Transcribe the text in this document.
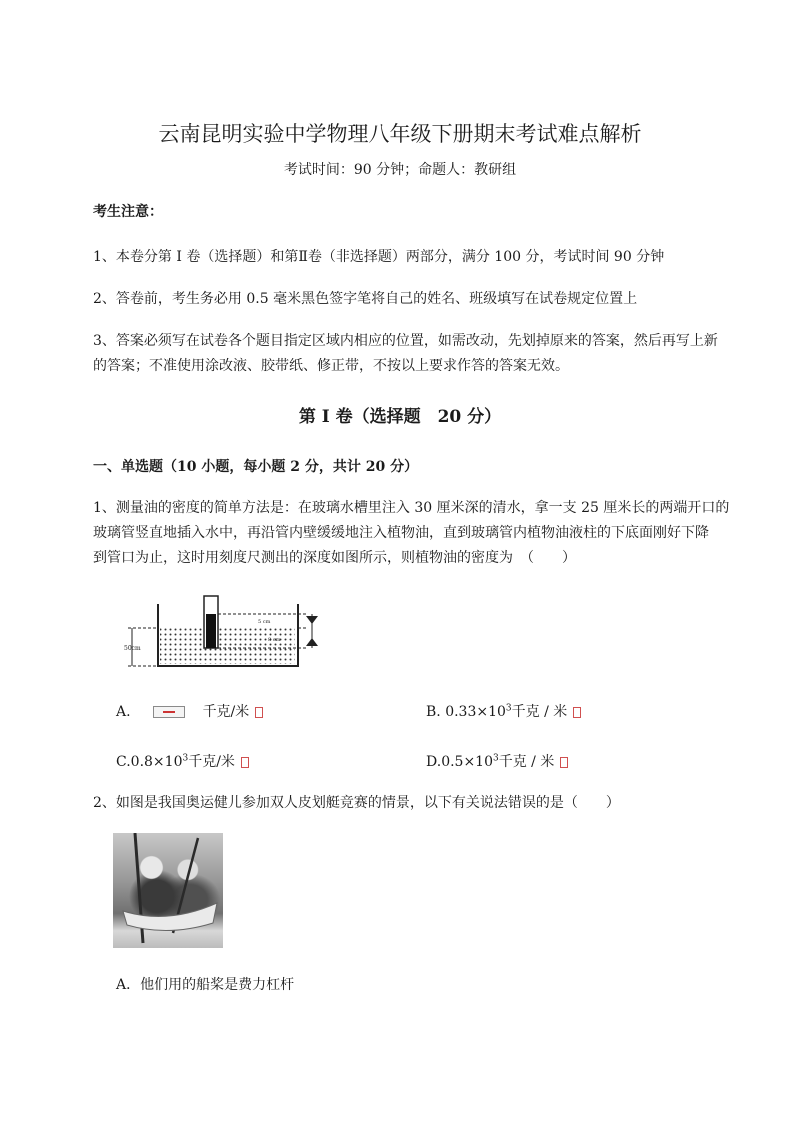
云南昆明实验中学物理八年级下册期末考试难点解析
考试时间：90 分钟；命题人：教研组
考生注意：
1、本卷分第 I 卷（选择题）和第Ⅱ卷（非选择题）两部分，满分 100 分，考试时间 90 分钟
2、答卷前，考生务必用 0.5 毫米黑色签字笔将自己的姓名、班级填写在试卷规定位置上
3、答案必须写在试卷各个题目指定区域内相应的位置，如需改动，先划掉原来的答案，然后再写上新
的答案；不准使用涂改液、胶带纸、修正带，不按以上要求作答的答案无效。
第 I 卷（选择题　20 分）
一、单选题（10 小题，每小题 2 分，共计 20 分）
1、测量油的密度的简单方法是：在玻璃水槽里注入 30 厘米深的清水，拿一支 25 厘米长的两端开口的
玻璃管竖直地插入水中，再沿管内壁缓缓地注入植物油，直到玻璃管内植物油液柱的下底面刚好下降
到管口为止，这时用刻度尺测出的深度如图所示，则植物油的密度为　（　　）
50cm
5 cm
8 cm
A.	千克/米	B. $0.33\times 10^3$千克 / 米
$C.0.8\times 10^3$千克/米	$D.0.5\times 10^3$千克 / 米
2、如图是我国奥运健儿参加双人皮划艇竞赛的情景，以下有关说法错误的是（　　）
A．他们用的船桨是费力杠杆
